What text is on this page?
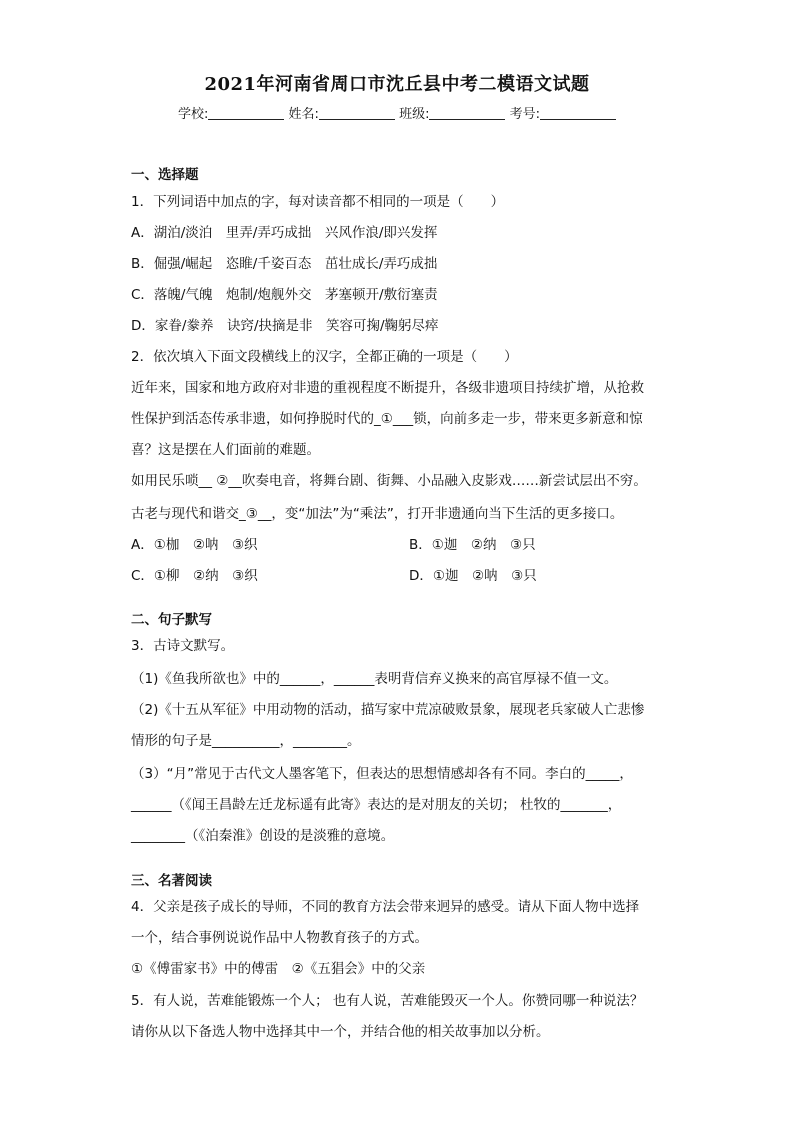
2021年河南省周口市沈丘县中考二模语文试题
学校:	姓名:	班级:	考号:
一、选择题
1．下列词语中加点的字，每对读音都不相同的一项是（　　）
A．湖泊/淡泊　里弄/弄巧成拙　兴风作浪/即兴发挥
B．倔强/崛起　恣睢/千姿百态　茁壮成长/弄巧成拙
C．落魄/气魄　炮制/炮舰外交　茅塞顿开/敷衍塞责
D．家眷/豢养　诀窍/抉摘是非　笑容可掬/鞠躬尽瘁
2．依次填入下面文段横线上的汉字，全都正确的一项是（　　）
近年来，国家和地方政府对非遗的重视程度不断提升，各级非遗项目持续扩增，从抢救
性保护到活态传承非遗，如何挣脱时代的_①___锁，向前多走一步，带来更多新意和惊
喜？这是摆在人们面前的难题。
如用民乐唢__ ②__吹奏电音，将舞台剧、街舞、小品融入皮影戏……新尝试层出不穷。
古老与现代和谐交_③__，变“加法”为“乘法”，打开非遗通向当下生活的更多接口。
A．①枷　②呐　③织	B．①迦　②纳　③只
C．①柳　②纳　③织	D．①迦　②呐　③只
二、句子默写
3．古诗文默写。
（1)《鱼我所欲也》中的______，______表明背信弃义换来的高官厚禄不值一文。
（2)《十五从军征》中用动物的活动，描写家中荒凉破败景象，展现老兵家破人亡悲惨
情形的句子是__________，________。
（3）“月”常见于古代文人墨客笔下，但表达的思想情感却各有不同。李白的_____，
______（《闻王昌龄左迁龙标遥有此寄》表达的是对朋友的关切； 杜牧的_______，
________（《泊秦淮》创设的是淡雅的意境。
三、名著阅读
4．父亲是孩子成长的导师，不同的教育方法会带来迥异的感受。请从下面人物中选择
一个，结合事例说说作品中人物教育孩子的方式。
①《傅雷家书》中的傅雷　②《五猖会》中的父亲
5．有人说，苦难能锻炼一个人； 也有人说，苦难能毁灭一个人。你赞同哪一种说法？
请你从以下备选人物中选择其中一个，并结合他的相关故事加以分析。
